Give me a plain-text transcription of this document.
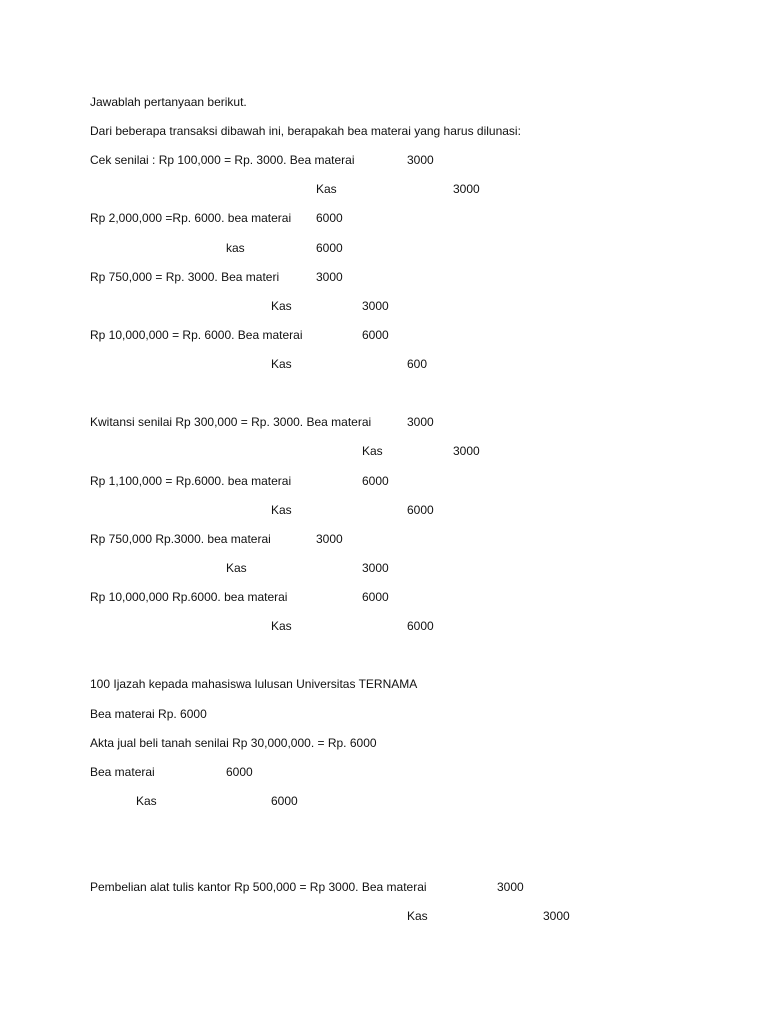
Jawablah pertanyaan berikut.
Dari beberapa transaksi dibawah ini, berapakah bea materai yang harus dilunasi:
Cek senilai : Rp 100,000 = Rp. 3000. Bea materai	3000
Kas	3000
Rp 2,000,000 =Rp. 6000. bea materai 6000
kas	6000
Rp 750,000 = Rp. 3000. Bea materi	3000
Kas	3000
Rp 10,000,000 = Rp. 6000. Bea materai	6000
Kas	600
Kwitansi senilai Rp 300,000 = Rp. 3000. Bea materai	3000
Kas	3000
Rp 1,100,000 = Rp.6000. bea materai	6000
Kas	6000
Rp 750,000 Rp.3000. bea materai	3000
Kas	3000
Rp 10,000,000 Rp.6000. bea materai	6000
Kas	6000
100 Ijazah kepada mahasiswa lulusan Universitas TERNAMA
Bea materai Rp. 6000
Akta jual beli tanah senilai Rp 30,000,000. = Rp. 6000
Bea materai	6000
Kas	6000
Pembelian alat tulis kantor Rp 500,000 = Rp 3000. Bea materai	3000
Kas	3000
